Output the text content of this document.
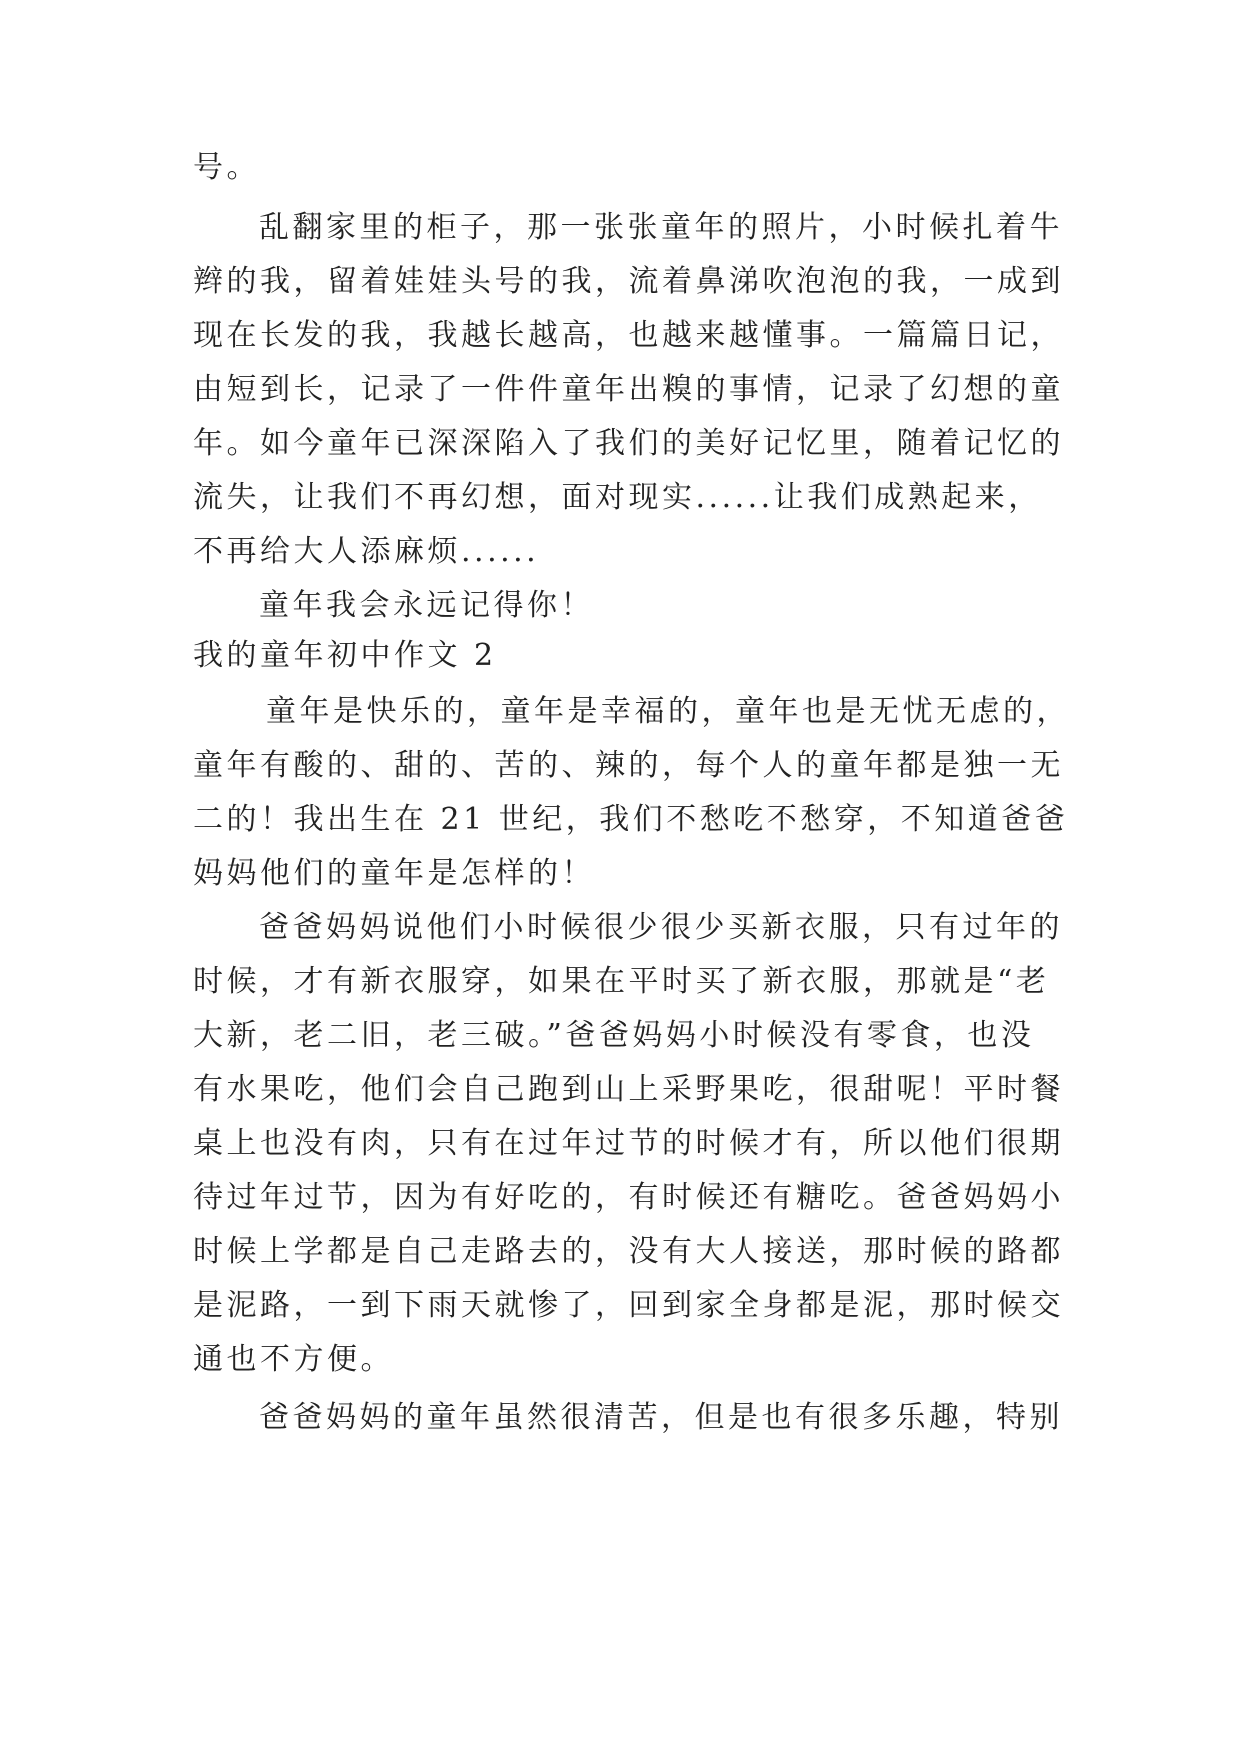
号。
乱翻家里的柜子，那一张张童年的照片，小时候扎着牛
辫的我，留着娃娃头号的我，流着鼻涕吹泡泡的我，一成到
现在长发的我，我越长越高，也越来越懂事。一篇篇日记，
由短到长，记录了一件件童年出糗的事情，记录了幻想的童
年。如今童年已深深陷入了我们的美好记忆里，随着记忆的
流失，让我们不再幻想，面对现实......让我们成熟起来，
不再给大人添麻烦......
童年我会永远记得你！
我的童年初中作文 2
童年是快乐的，童年是幸福的，童年也是无忧无虑的，
童年有酸的、甜的、苦的、辣的，每个人的童年都是独一无
二的！我出生在 21 世纪，我们不愁吃不愁穿，不知道爸爸
妈妈他们的童年是怎样的！
爸爸妈妈说他们小时候很少很少买新衣服，只有过年的
时候，才有新衣服穿，如果在平时买了新衣服，那就是“老
大新，老二旧，老三破。”爸爸妈妈小时候没有零食，也没
有水果吃，他们会自己跑到山上采野果吃，很甜呢！平时餐
桌上也没有肉，只有在过年过节的时候才有，所以他们很期
待过年过节，因为有好吃的，有时候还有糖吃。爸爸妈妈小
时候上学都是自己走路去的，没有大人接送，那时候的路都
是泥路，一到下雨天就惨了，回到家全身都是泥，那时候交
通也不方便。
爸爸妈妈的童年虽然很清苦，但是也有很多乐趣，特别
